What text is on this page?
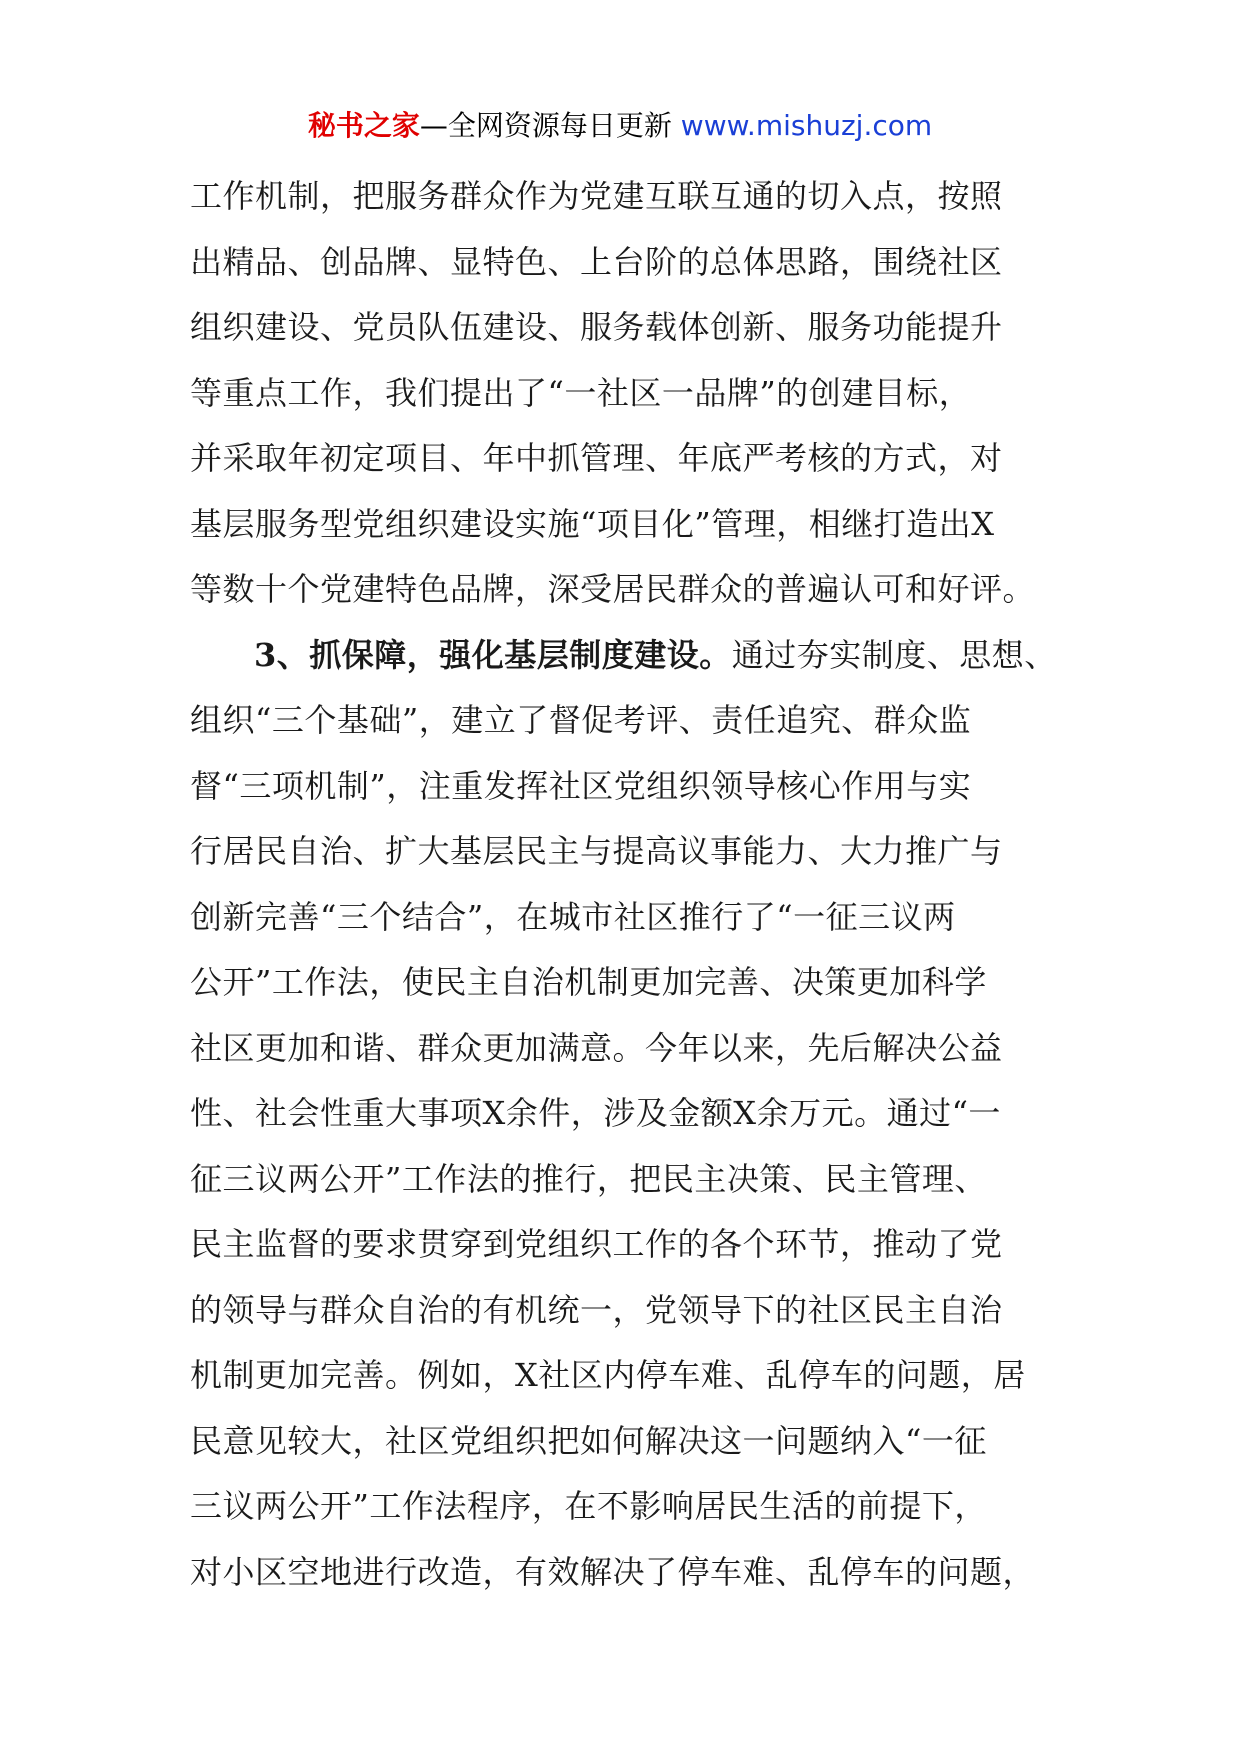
秘书之家—全网资源每日更新 www.mishuzj.com
工作机制，把服务群众作为党建互联互通的切入点，按照
出精品、创品牌、显特色、上台阶的总体思路，围绕社区
组织建设、党员队伍建设、服务载体创新、服务功能提升
等重点工作，我们提出了“一社区一品牌”的创建目标，
并采取年初定项目、年中抓管理、年底严考核的方式，对
基层服务型党组织建设实施“项目化”管理，相继打造出X
等数十个党建特色品牌，深受居民群众的普遍认可和好评。
3、抓保障，强化基层制度建设。通过夯实制度、思想、
组织“三个基础”，建立了督促考评、责任追究、群众监
督“三项机制”，注重发挥社区党组织领导核心作用与实
行居民自治、扩大基层民主与提高议事能力、大力推广与
创新完善“三个结合”，在城市社区推行了“一征三议两
公开”工作法，使民主自治机制更加完善、决策更加科学
社区更加和谐、群众更加满意。今年以来，先后解决公益
性、社会性重大事项X余件，涉及金额X余万元。通过“一
征三议两公开”工作法的推行，把民主决策、民主管理、
民主监督的要求贯穿到党组织工作的各个环节，推动了党
的领导与群众自治的有机统一，党领导下的社区民主自治
机制更加完善。例如，X社区内停车难、乱停车的问题，居
民意见较大，社区党组织把如何解决这一问题纳入“一征
三议两公开”工作法程序，在不影响居民生活的前提下，
对小区空地进行改造，有效解决了停车难、乱停车的问题，
